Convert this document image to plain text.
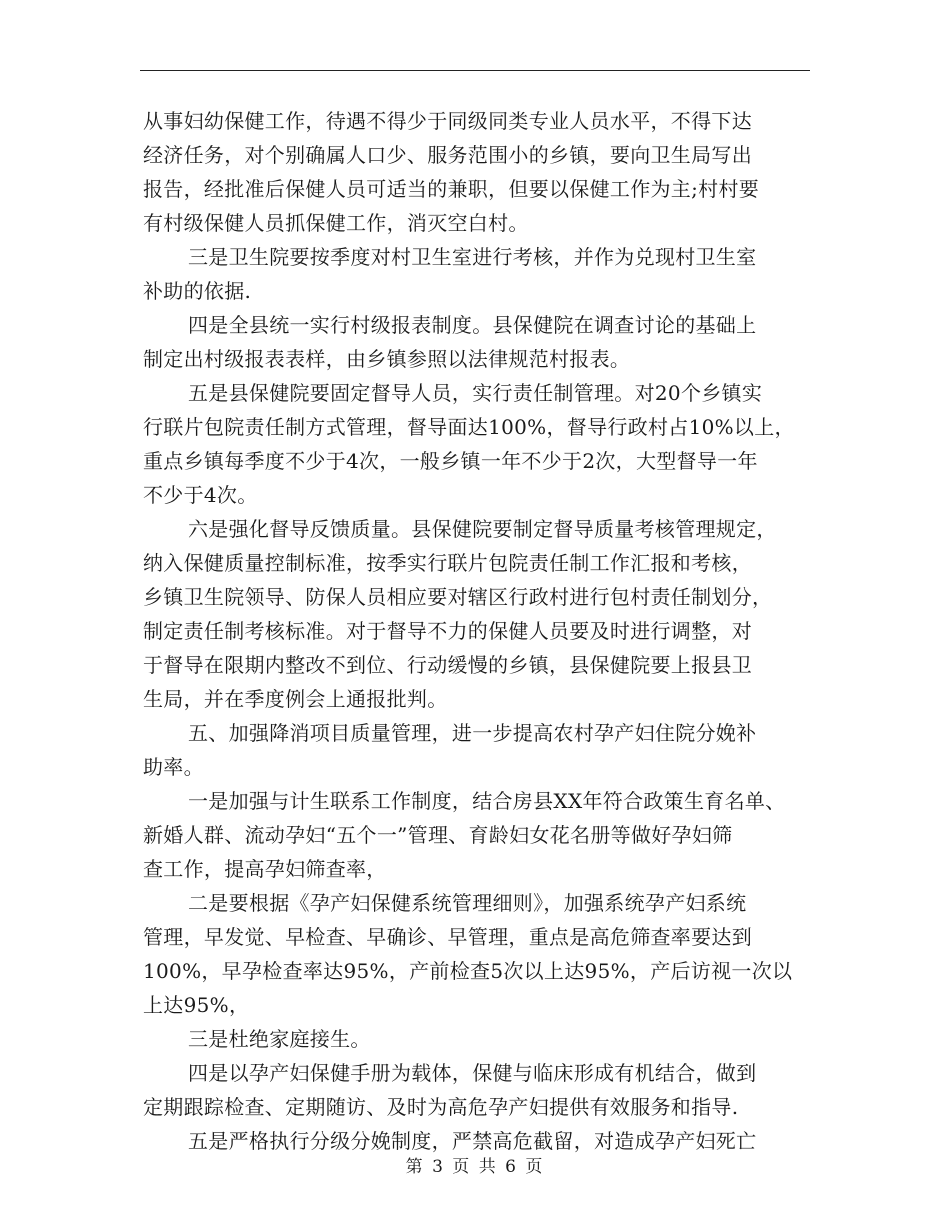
从事妇幼保健工作，待遇不得少于同级同类专业人员水平，不得下达
经济任务，对个别确属人口少、服务范围小的乡镇，要向卫生局写出
报告，经批准后保健人员可适当的兼职，但要以保健工作为主;村村要
有村级保健人员抓保健工作，消灭空白村。
三是卫生院要按季度对村卫生室进行考核，并作为兑现村卫生室
补助的依据.
四是全县统一实行村级报表制度。县保健院在调查讨论的基础上
制定出村级报表表样，由乡镇参照以法律规范村报表。
五是县保健院要固定督导人员，实行责任制管理。对20个乡镇实
行联片包院责任制方式管理，督导面达100%，督导行政村占10%以上，
重点乡镇每季度不少于4次，一般乡镇一年不少于2次，大型督导一年
不少于4次。
六是强化督导反馈质量。县保健院要制定督导质量考核管理规定，
纳入保健质量控制标准，按季实行联片包院责任制工作汇报和考核，
乡镇卫生院领导、防保人员相应要对辖区行政村进行包村责任制划分，
制定责任制考核标准。对于督导不力的保健人员要及时进行调整，对
于督导在限期内整改不到位、行动缓慢的乡镇，县保健院要上报县卫
生局，并在季度例会上通报批判。
五、加强降消项目质量管理，进一步提高农村孕产妇住院分娩补
助率。
一是加强与计生联系工作制度，结合房县XX年符合政策生育名单、
新婚人群、流动孕妇“五个一”管理、育龄妇女花名册等做好孕妇筛
查工作，提高孕妇筛查率，
二是要根据《孕产妇保健系统管理细则》，加强系统孕产妇系统
管理，早发觉、早检查、早确诊、早管理，重点是高危筛查率要达到
100%，早孕检查率达95%，产前检查5次以上达95%，产后访视一次以
上达95%，
三是杜绝家庭接生。
四是以孕产妇保健手册为载体，保健与临床形成有机结合，做到
定期跟踪检查、定期随访、及时为高危孕产妇提供有效服务和指导.
五是严格执行分级分娩制度，严禁高危截留，对造成孕产妇死亡
第 3 页 共 6 页
